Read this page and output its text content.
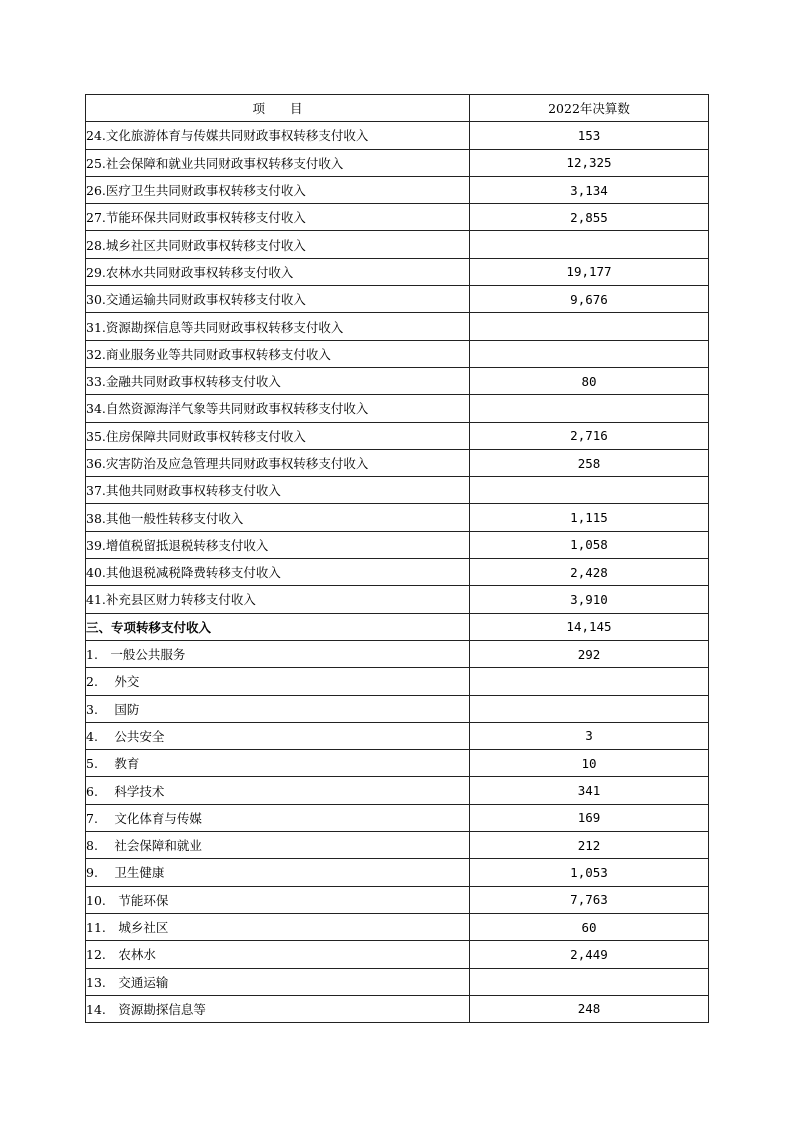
项　　目	2022年决算数
24.文化旅游体育与传媒共同财政事权转移支付收入	153
25.社会保障和就业共同财政事权转移支付收入	12,325
26.医疗卫生共同财政事权转移支付收入	3,134
27.节能环保共同财政事权转移支付收入	2,855
28.城乡社区共同财政事权转移支付收入	
29.农林水共同财政事权转移支付收入	19,177
30.交通运输共同财政事权转移支付收入	9,676
31.资源勘探信息等共同财政事权转移支付收入	
32.商业服务业等共同财政事权转移支付收入	
33.金融共同财政事权转移支付收入	80
34.自然资源海洋气象等共同财政事权转移支付收入	
35.住房保障共同财政事权转移支付收入	2,716
36.灾害防治及应急管理共同财政事权转移支付收入	258
37.其他共同财政事权转移支付收入	
38.其他一般性转移支付收入	1,115
39.增值税留抵退税转移支付收入	1,058
40.其他退税减税降费转移支付收入	2,428
41.补充县区财力转移支付收入	3,910
三、专项转移支付收入	14,145
1.　一般公共服务	292
2.　 外交	
3.　 国防	
4.　 公共安全	3
5.　 教育	10
6.　 科学技术	341
7.　 文化体育与传媒	169
8.　 社会保障和就业	212
9.　 卫生健康	1,053
10.　节能环保	7,763
11.　城乡社区	60
12.　农林水	2,449
13.　交通运输	
14.　资源勘探信息等	248
